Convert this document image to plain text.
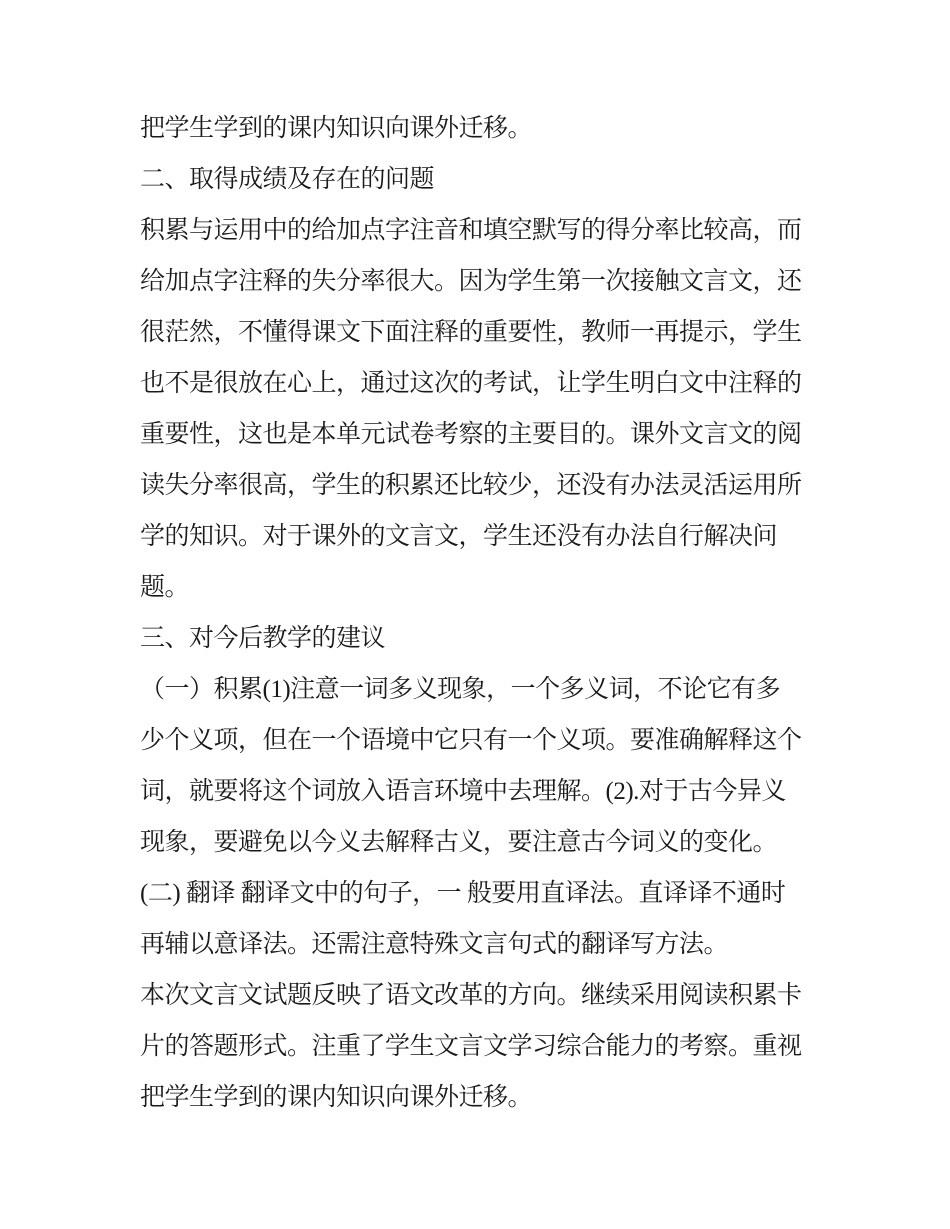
把学生学到的课内知识向课外迁移。
二、取得成绩及存在的问题
积累与运用中的给加点字注音和填空默写的得分率比较高，而
给加点字注释的失分率很大。因为学生第一次接触文言文，还
很茫然，不懂得课文下面注释的重要性，教师一再提示，学生
也不是很放在心上，通过这次的考试，让学生明白文中注释的
重要性，这也是本单元试卷考察的主要目的。课外文言文的阅
读失分率很高，学生的积累还比较少，还没有办法灵活运用所
学的知识。对于课外的文言文，学生还没有办法自行解决问
题。
三、对今后教学的建议
（一）积累(1)注意一词多义现象，一个多义词，不论它有多
少个义项，但在一个语境中它只有一个义项。要准确解释这个
词，就要将这个词放入语言环境中去理解。(2).对于古今异义
现象，要避免以今义去解释古义，要注意古今词义的变化。
(二) 翻译 翻译文中的句子，一 般要用直译法。直译译不通时
再辅以意译法。还需注意特殊文言句式的翻译写方法。
本次文言文试题反映了语文改革的方向。继续采用阅读积累卡
片的答题形式。注重了学生文言文学习综合能力的考察。重视
把学生学到的课内知识向课外迁移。
